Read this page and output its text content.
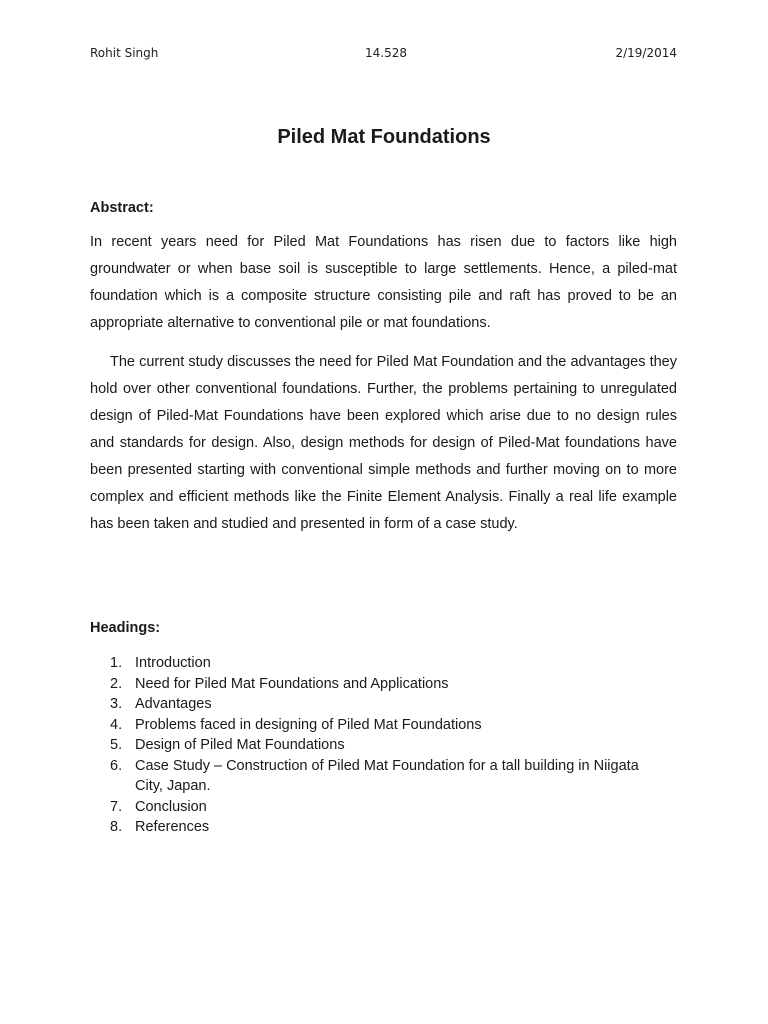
Rohit Singh	14.528	2/19/2014
Piled Mat Foundations
Abstract:

In recent years need for Piled Mat Foundations has risen due to factors like high groundwater or when base soil is susceptible to large settlements. Hence, a piled-mat foundation which is a composite structure consisting pile and raft has proved to be an appropriate alternative to conventional pile or mat foundations.

The current study discusses the need for Piled Mat Foundation and the advantages they hold over other conventional foundations. Further, the problems pertaining to unregulated design of Piled-Mat Foundations have been explored which arise due to no design rules and standards for design. Also, design methods for design of Piled-Mat foundations have been presented starting with conventional simple methods and further moving on to more complex and efficient methods like the Finite Element Analysis. Finally a real life example has been taken and studied and presented in form of a case study.

Headings:
1. Introduction
2. Need for Piled Mat Foundations and Applications
3. Advantages
4. Problems faced in designing of Piled Mat Foundations
5. Design of Piled Mat Foundations
6. Case Study – Construction of Piled Mat Foundation for a tall building in Niigata City, Japan.
7. Conclusion
8. References
